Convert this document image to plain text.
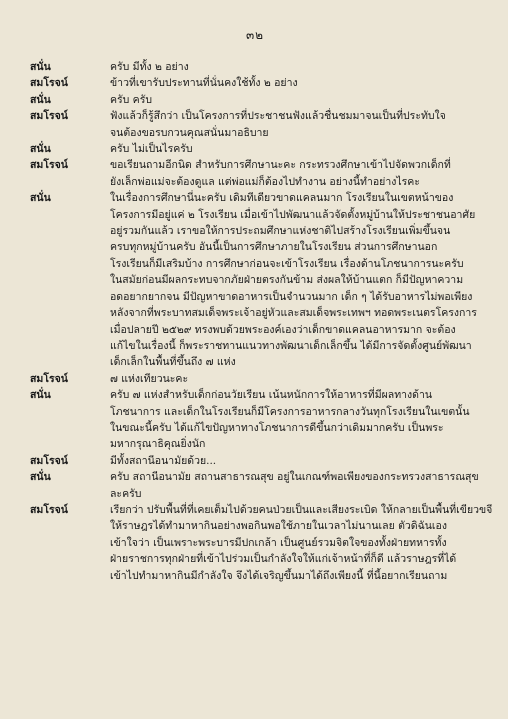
๓๒
สนั่น	ครับ มีทั้ง ๒ อย่าง
สมโรจน์	ข้าวที่เขารับประทานที่นั่นคงใช้ทั้ง ๒ อย่าง
สนั่น	ครับ ครับ
สมโรจน์	ฟังแล้วก็รู้สึกว่า เป็นโครงการที่ประชาชนฟังแล้วชื่นชมมาจนเป็นที่ประทับใจ
จนต้องขอรบกวนคุณสนั่นมาอธิบาย
สนั่น	ครับ ไม่เป็นไรครับ
สมโรจน์	ขอเรียนถามอีกนิด สำหรับการศึกษานะคะ กระทรวงศึกษาเข้าไปจัดพวกเด็กที่
ยังเล็กพ่อแม่จะต้องดูแล แต่พ่อแม่ก็ต้องไปทำงาน อย่างนี้ทำอย่างไรคะ
สนั่น	ในเรื่องการศึกษานี่นะครับ เดิมทีเดียวขาดแคลนมาก โรงเรียนในเขตหน้าของ
โครงการมีอยู่แค่ ๒ โรงเรียน เมื่อเข้าไปพัฒนาแล้วจัดตั้งหมู่บ้านให้ประชาชนอาศัย
อยู่รวมกันแล้ว เราขอให้การประถมศึกษาแห่งชาติไปสร้างโรงเรียนเพิ่มขึ้นจน
ครบทุกหมู่บ้านครับ อันนี้เป็นการศึกษาภายในโรงเรียน ส่วนการศึกษานอก
โรงเรียนก็มีเสริมบ้าง การศึกษาก่อนจะเข้าโรงเรียน เรื่องด้านโภชนาการนะครับ
ในสมัยก่อนมีผลกระทบจากภัยฝ่ายตรงกันข้าม ส่งผลให้บ้านแตก ก็มีปัญหาความ
อดอยากยากจน มีปัญหาขาดอาหารเป็นจำนวนมาก เด็ก ๆ ได้รับอาหารไม่พอเพียง
หลังจากที่พระบาทสมเด็จพระเจ้าอยู่หัวและสมเด็จพระเทพฯ ทอดพระเนตรโครงการ
เมื่อปลายปี ๒๕๒๙ ทรงพบด้วยพระองค์เองว่าเด็กขาดแคลนอาหารมาก จะต้อง
แก้ไขในเรื่องนี้ ก็พระราชทานแนวทางพัฒนาเด็กเล็กขึ้น ได้มีการจัดตั้งศูนย์พัฒนา
เด็กเล็กในพื้นที่ขึ้นถึง ๗ แห่ง
สมโรจน์	๗ แห่งเทียวนะคะ
สนั่น	ครับ ๗ แห่งสำหรับเด็กก่อนวัยเรียน เน้นหนักการให้อาหารที่มีผลทางด้าน
โภชนาการ และเด็กในโรงเรียนก็มีโครงการอาหารกลางวันทุกโรงเรียนในเขตนั้น
ในขณะนี้ครับ ได้แก้ไขปัญหาทางโภชนาการดีขึ้นกว่าเดิมมากครับ เป็นพระ
มหากรุณาธิคุณยิ่งนัก
สมโรจน์	มีทั้งสถานีอนามัยด้วย...
สนั่น	ครับ สถานีอนามัย สถานสาธารณสุข อยู่ในเกณฑ์พอเพียงของกระทรวงสาธารณสุข
ละครับ
สมโรจน์	เรียกว่า ปรับพื้นที่ที่เคยเต็มไปด้วยคนป่วยเป็นและเสียงระเบิด ให้กลายเป็นพื้นที่เขียวขจี
ให้ราษฎรได้ทำมาหากินอย่างพอกินพอใช้ภายในเวลาไม่นานเลย ตัวดิฉันเอง
เข้าใจว่า เป็นเพราะพระบารมีปกเกล้า เป็นศูนย์รวมจิตใจของทั้งฝ่ายทหารทั้ง
ฝ่ายราชการทุกฝ่ายที่เข้าไปร่วมเป็นกำลังใจให้แก่เจ้าหน้าที่ก็ดี แล้วราษฎรที่ได้
เข้าไปทำมาหากินมีกำลังใจ จึงได้เจริญขึ้นมาได้ถึงเพียงนี้ ที่นี้อยากเรียนถาม
